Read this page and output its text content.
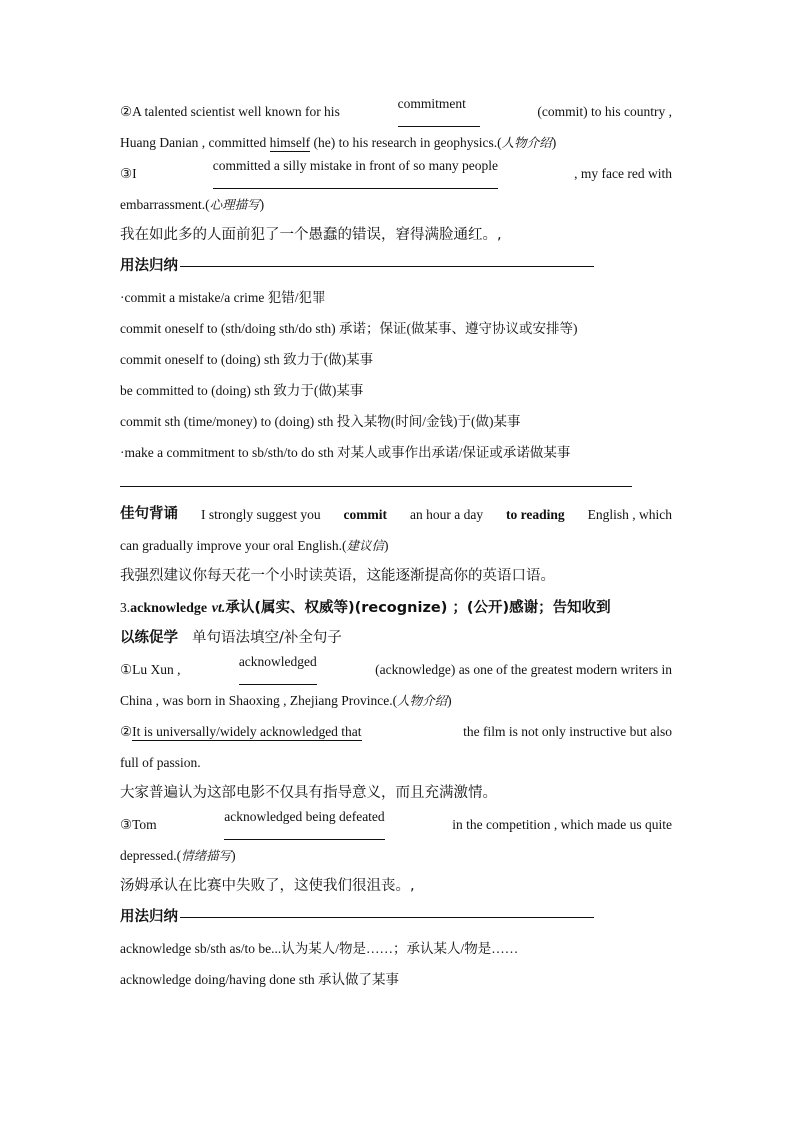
②A talented scientist well known for his
commitment
(commit) to his country ,
Huang Danian , committed himself (he) to his research in geophysics.(人物介绍)
③I
committed a silly mistake in front of so many people
, my face red with
embarrassment.(心理描写)
我在如此多的人面前犯了一个愚蠢的错误，窘得满脸通红。,
用法归纳
·commit a mistake/a crime 犯错/犯罪
commit oneself to (sth/doing sth/do sth) 承诺；保证(做某事、遵守协议或安排等)
commit oneself to (doing) sth 致力于(做)某事
be committed to (doing) sth 致力于(做)某事
commit sth (time/money) to (doing) sth 投入某物(时间/金钱)于(做)某事
·make a commitment to sb/sth/to do sth 对某人或事作出承诺/保证或承诺做某事
佳句背诵 I strongly suggest you commit an hour a day to reading English , which
can gradually improve your oral English.(建议信)
我强烈建议你每天花一个小时读英语，这能逐渐提高你的英语口语。
3.acknowledge vt.承认(属实、权威等)(recognize) ；(公开)感谢；告知收到
以练促学 单句语法填空/补全句子
①Lu Xun ,
acknowledged
(acknowledge) as one of the greatest modern writers in
China , was born in Shaoxing , Zhejiang Province.(人物介绍)
②It is universally/widely acknowledged that	the film is not only instructive but also
full of passion.
大家普遍认为这部电影不仅具有指导意义，而且充满激情。
③Tom
acknowledged being defeated
in the competition , which made us quite
depressed.(情绪描写)
汤姆承认在比赛中失败了，这使我们很沮丧。,
用法归纳
acknowledge sb/sth as/to be...认为某人/物是……；承认某人/物是……
acknowledge doing/having done sth 承认做了某事
